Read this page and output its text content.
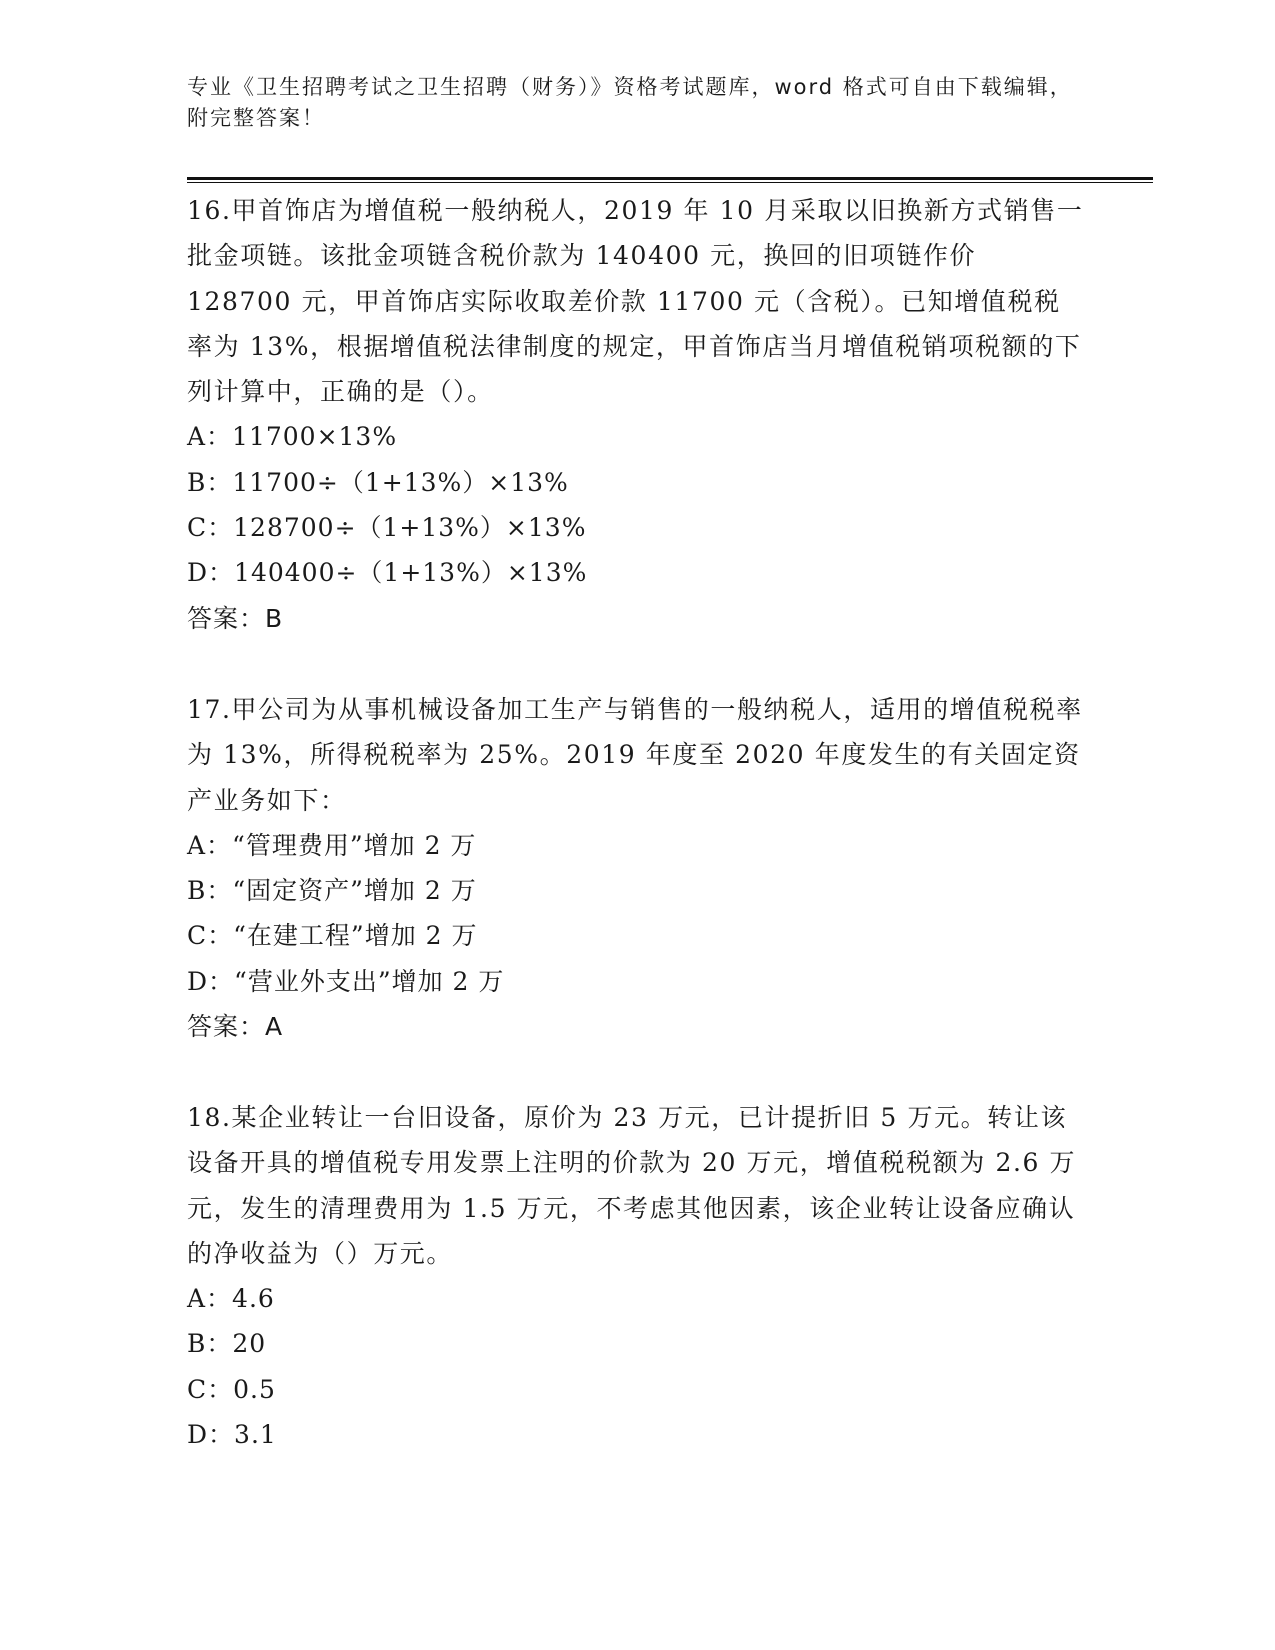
专业《卫生招聘考试之卫生招聘（财务）》资格考试题库，word 格式可自由下载编辑，附完整答案！

16.甲首饰店为增值税一般纳税人，2019 年 10 月采取以旧换新方式销售一批金项链。该批金项链含税价款为 140400 元，换回的旧项链作价 128700 元，甲首饰店实际收取差价款 11700 元（含税）。已知增值税税率为 13%，根据增值税法律制度的规定，甲首饰店当月增值税销项税额的下列计算中，正确的是（）。

A：11700×13%

B：11700÷（1+13%）×13%

C：128700÷（1+13%）×13%

D：140400÷（1+13%）×13%

答案：B

17.甲公司为从事机械设备加工生产与销售的一般纳税人，适用的增值税税率为 13%，所得税税率为 25%。2019 年度至 2020 年度发生的有关固定资产业务如下：

A：“管理费用”增加 2 万

B：“固定资产”增加 2 万

C：“在建工程”增加 2 万

D：“营业外支出”增加 2 万

答案：A

18.某企业转让一台旧设备，原价为 23 万元，已计提折旧 5 万元。转让该设备开具的增值税专用发票上注明的价款为 20 万元，增值税税额为 2.6 万元，发生的清理费用为 1.5 万元，不考虑其他因素，该企业转让设备应确认的净收益为（）万元。

A：4.6

B：20

C：0.5

D：3.1
